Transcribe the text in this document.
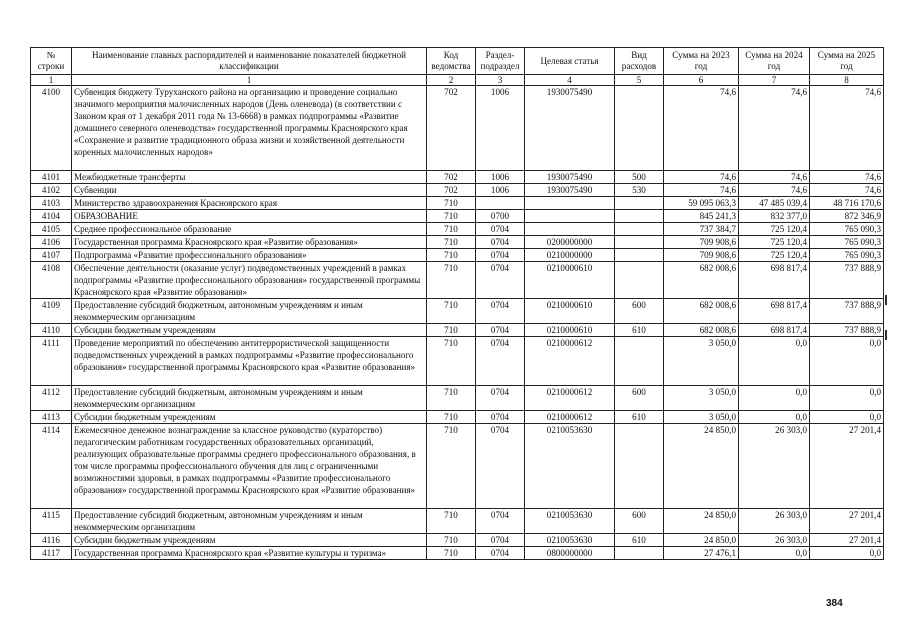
№ строки	Наименование главных распорядителей и наименование показателей бюджетной классификации	Код ведомства	Раздел-подраздел	Целевая статья	Вид расходов	Сумма на 2023 год	Сумма на 2024 год	Сумма на 2025 год
1	1	2	3	4	5	6	7	8
4100	Субвенция бюджету Туруханского района на организацию и проведение социально значимого мероприятия малочисленных народов (День оленевода) (в соответствии с Законом края от 1 декабря 2011 года № 13-6668) в рамках подпрограммы «Развитие домашнего северного оленеводства» государственной программы Красноярского края «Сохранение и развитие традиционного образа жизни и хозяйственной деятельности коренных малочисленных народов»	702	1006	1930075490		74,6	74,6	74,6
4101	Межбюджетные трансферты	702	1006	1930075490	500	74,6	74,6	74,6
4102	Субвенции	702	1006	1930075490	530	74,6	74,6	74,6
4103	Министерство здравоохранения Красноярского края	710				59 095 063,3	47 485 039,4	48 716 170,6
4104	ОБРАЗОВАНИЕ	710	0700			845 241,3	832 377,0	872 346,9
4105	Среднее профессиональное образование	710	0704			737 384,7	725 120,4	765 090,3
4106	Государственная программа Красноярского края «Развитие образования»	710	0704	0200000000		709 908,6	725 120,4	765 090,3
4107	Подпрограмма «Развитие профессионального образования»	710	0704	0210000000		709 908,6	725 120,4	765 090,3
4108	Обеспечение деятельности (оказание услуг) подведомственных учреждений в рамках подпрограммы «Развитие профессионального образования» государственной программы Красноярского края «Развитие образования»	710	0704	0210000610		682 008,6	698 817,4	737 888,9
4109	Предоставление субсидий бюджетным, автономным учреждениям и иным некоммерческим организациям	710	0704	0210000610	600	682 008,6	698 817,4	737 888,9
4110	Субсидии бюджетным учреждениям	710	0704	0210000610	610	682 008,6	698 817,4	737 888,9
4111	Проведение мероприятий по обеспечению антитеррористической защищенности подведомственных учреждений в рамках подпрограммы «Развитие профессионального образования» государственной программы Красноярского края «Развитие образования»	710	0704	0210000612		3 050,0	0,0	0,0
4112	Предоставление субсидий бюджетным, автономным учреждениям и иным некоммерческим организациям	710	0704	0210000612	600	3 050,0	0,0	0,0
4113	Субсидии бюджетным учреждениям	710	0704	0210000612	610	3 050,0	0,0	0,0
4114	Ежемесячное денежное вознаграждение за классное руководство (кураторство) педагогическим работникам государственных образовательных организаций, реализующих образовательные программы среднего профессионального образования, в том числе программы профессионального обучения для лиц с ограниченными возможностями здоровья, в рамках подпрограммы «Развитие профессионального образования» государственной программы Красноярского края «Развитие образования»	710	0704	0210053630		24 850,0	26 303,0	27 201,4
4115	Предоставление субсидий бюджетным, автономным учреждениям и иным некоммерческим организациям	710	0704	0210053630	600	24 850,0	26 303,0	27 201,4
4116	Субсидии бюджетным учреждениям	710	0704	0210053630	610	24 850,0	26 303,0	27 201,4
4117	Государственная программа Красноярского края «Развитие культуры и туризма»	710	0704	0800000000		27 476,1	0,0	0,0
384
